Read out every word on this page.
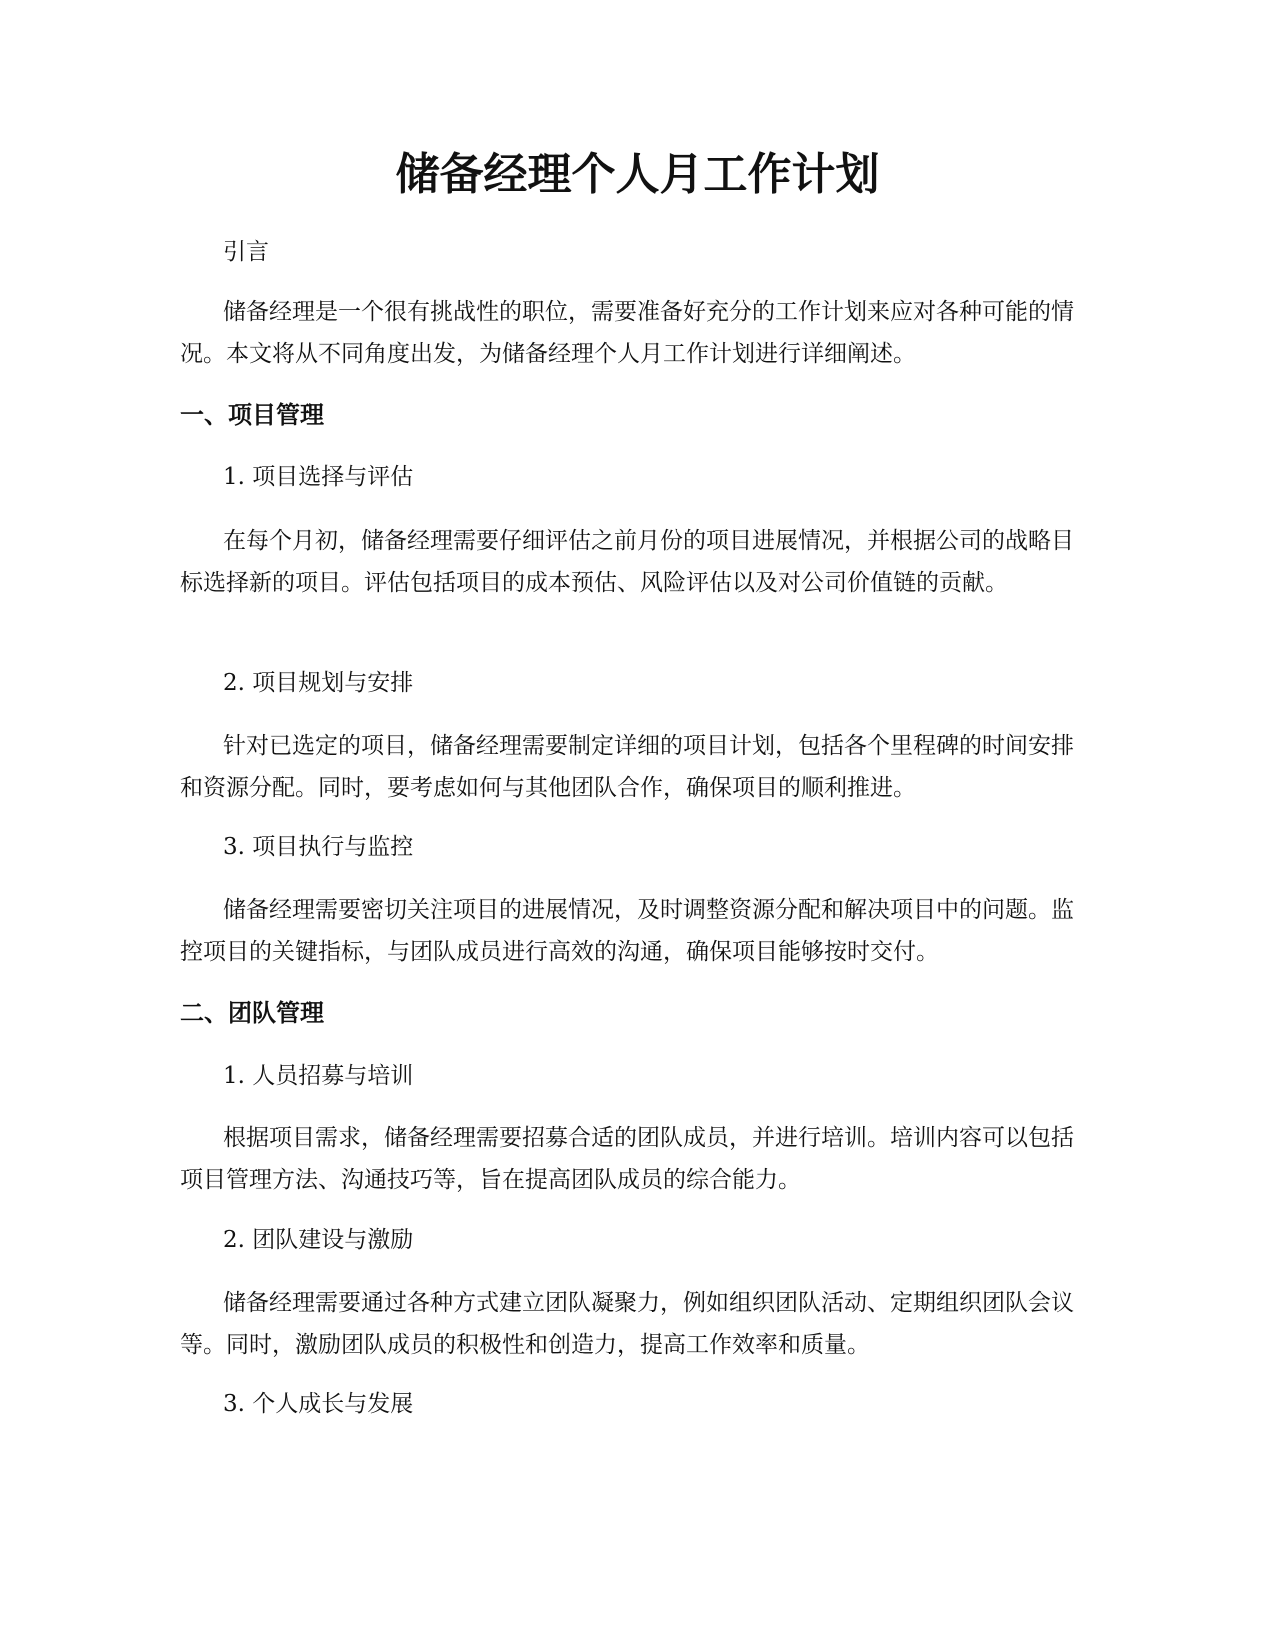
储备经理个人月工作计划

引言

储备经理是一个很有挑战性的职位，需要准备好充分的工作计划来应对各种可能的情况。本文将从不同角度出发，为储备经理个人月工作计划进行详细阐述。

一、项目管理

1. 项目选择与评估

在每个月初，储备经理需要仔细评估之前月份的项目进展情况，并根据公司的战略目标选择新的项目。评估包括项目的成本预估、风险评估以及对公司价值链的贡献。

2. 项目规划与安排

针对已选定的项目，储备经理需要制定详细的项目计划，包括各个里程碑的时间安排和资源分配。同时，要考虑如何与其他团队合作，确保项目的顺利推进。

3. 项目执行与监控

储备经理需要密切关注项目的进展情况，及时调整资源分配和解决项目中的问题。监控项目的关键指标，与团队成员进行高效的沟通，确保项目能够按时交付。

二、团队管理

1. 人员招募与培训

根据项目需求，储备经理需要招募合适的团队成员，并进行培训。培训内容可以包括项目管理方法、沟通技巧等，旨在提高团队成员的综合能力。

2. 团队建设与激励

储备经理需要通过各种方式建立团队凝聚力，例如组织团队活动、定期组织团队会议等。同时，激励团队成员的积极性和创造力，提高工作效率和质量。

3. 个人成长与发展
